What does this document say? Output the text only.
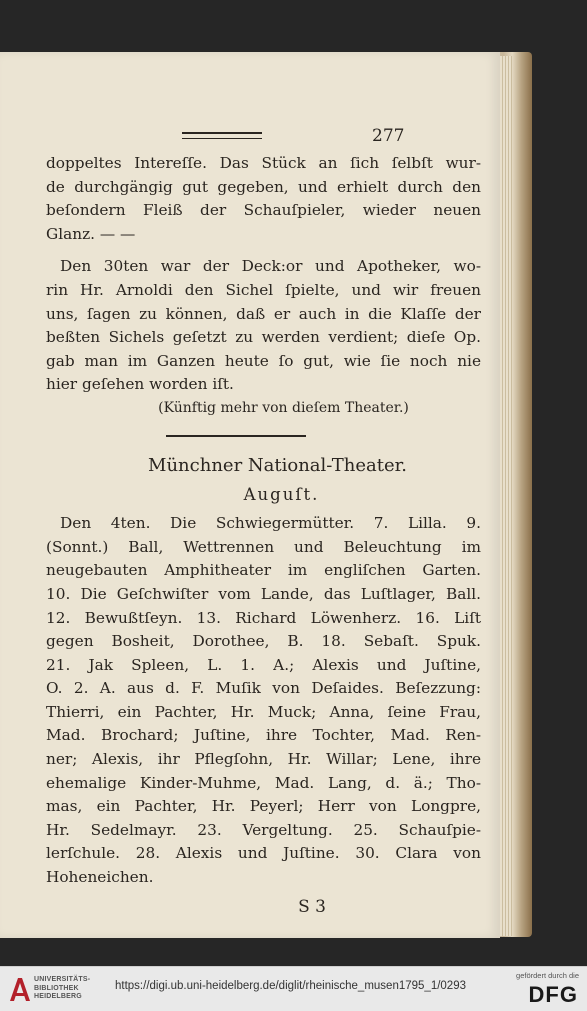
277
doppeltes Intereſſe. Das Stück an ſich ſelbſt wur-
de durchgängig gut gegeben, und erhielt durch den
beſondern Fleiß der Schauſpieler, wieder neuen
Glanz. — —
Den 30ten war der Deck:or und Apotheker, wo-
rin Hr. Arnoldi den Sichel ſpielte, und wir freuen
uns, ſagen zu können, daß er auch in die Klaſſe der
beßten Sichels geſetzt zu werden verdient; dieſe Op.
gab man im Ganzen heute ſo gut, wie ſie noch nie
hier geſehen worden iſt.
(Künftig mehr von dieſem Theater.)
Münchner National-Theater.
Auguſt.
Den 4ten. Die Schwiegermütter. 7. Lilla. 9.
(Sonnt.) Ball, Wettrennen und Beleuchtung im
neugebauten Amphitheater im engliſchen Garten.
10. Die Geſchwiſter vom Lande, das Luſtlager, Ball.
12. Bewußtſeyn. 13. Richard Löwenherz. 16. Liſt
gegen Bosheit, Dorothee, B. 18. Sebaſt. Spuk.
21. Jak Spleen, L. 1. A.; Alexis und Juſtine,
O. 2. A. aus d. F. Muſik von Deſaides. Beſezzung:
Thierri, ein Pachter, Hr. Muck; Anna, ſeine Frau,
Mad. Brochard; Juſtine, ihre Tochter, Mad. Ren-
ner; Alexis, ihr Pflegſohn, Hr. Willar; Lene, ihre
ehemalige Kinder-Muhme, Mad. Lang, d. ä.; Tho-
mas, ein Pachter, Hr. Peyerl; Herr von Longpre,
Hr. Sedelmayr. 23. Vergeltung. 25. Schauſpie-
lerſchule. 28. Alexis und Juſtine. 30. Clara von
Hoheneichen.
S 3
UNIVERSITÄTS-
BIBLIOTHEK
HEIDELBERG
https://digi.ub.uni-heidelberg.de/diglit/rheinische_musen1795_1/0293
gefördert durch die
DFG
